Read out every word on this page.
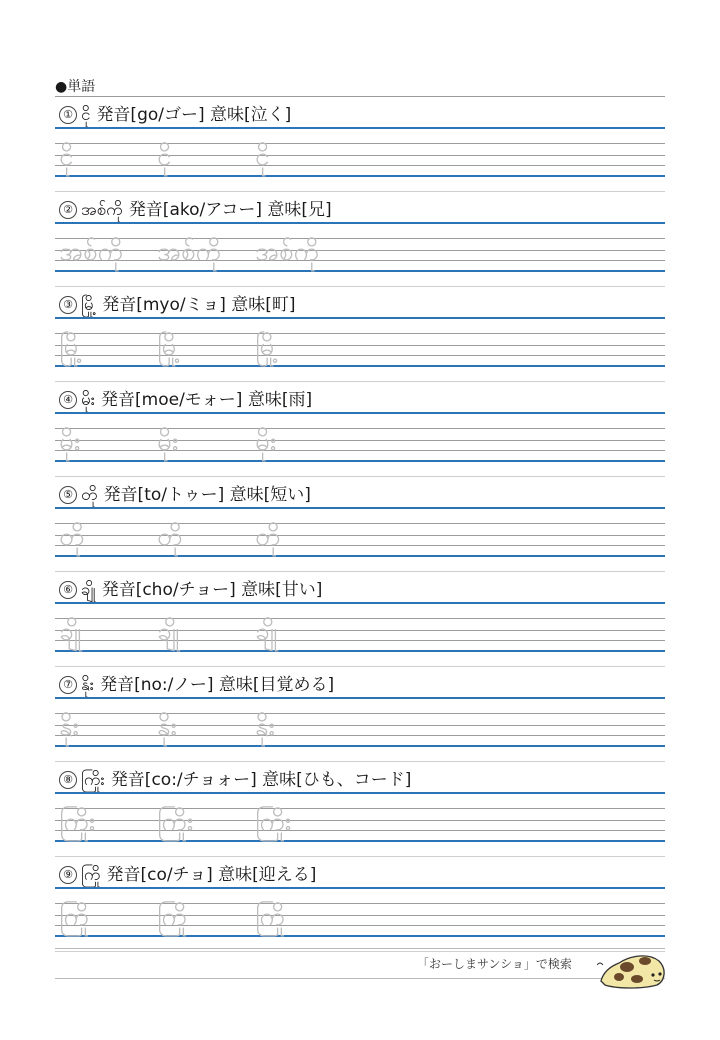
●単語
① ငို 発音[go/ゴー] 意味[泣く]
ငို	ငို	ငို
② အစ်ကို 発音[ako/アコー] 意味[兄]
အစ်ကို အစ်ကို အစ်ကို
③ မြို့ 発音[myo/ミョ] 意味[町]
မြို့	မြို့	မြို့
④ မိုး 発音[moe/モォー] 意味[雨]
မိုး	မိုး	မိုး
⑤ တို 発音[to/トゥー] 意味[短い]
တို	တို	တို
⑥ ချို 発音[cho/チョー] 意味[甘い]
ချို	ချို	ချို
⑦ နိုး 発音[no:/ノー] 意味[目覚める]
နိုး	နိုး	နိုး
⑧ ကြိုး 発音[co:/チョォー] 意味[ひも、コード]
ကြိုး ကြိုး ကြိုး
⑨ ကြို 発音[co/チョ] 意味[迎える]
ကြို	ကြို	ကြို
「おーしまサンショ」で検索
